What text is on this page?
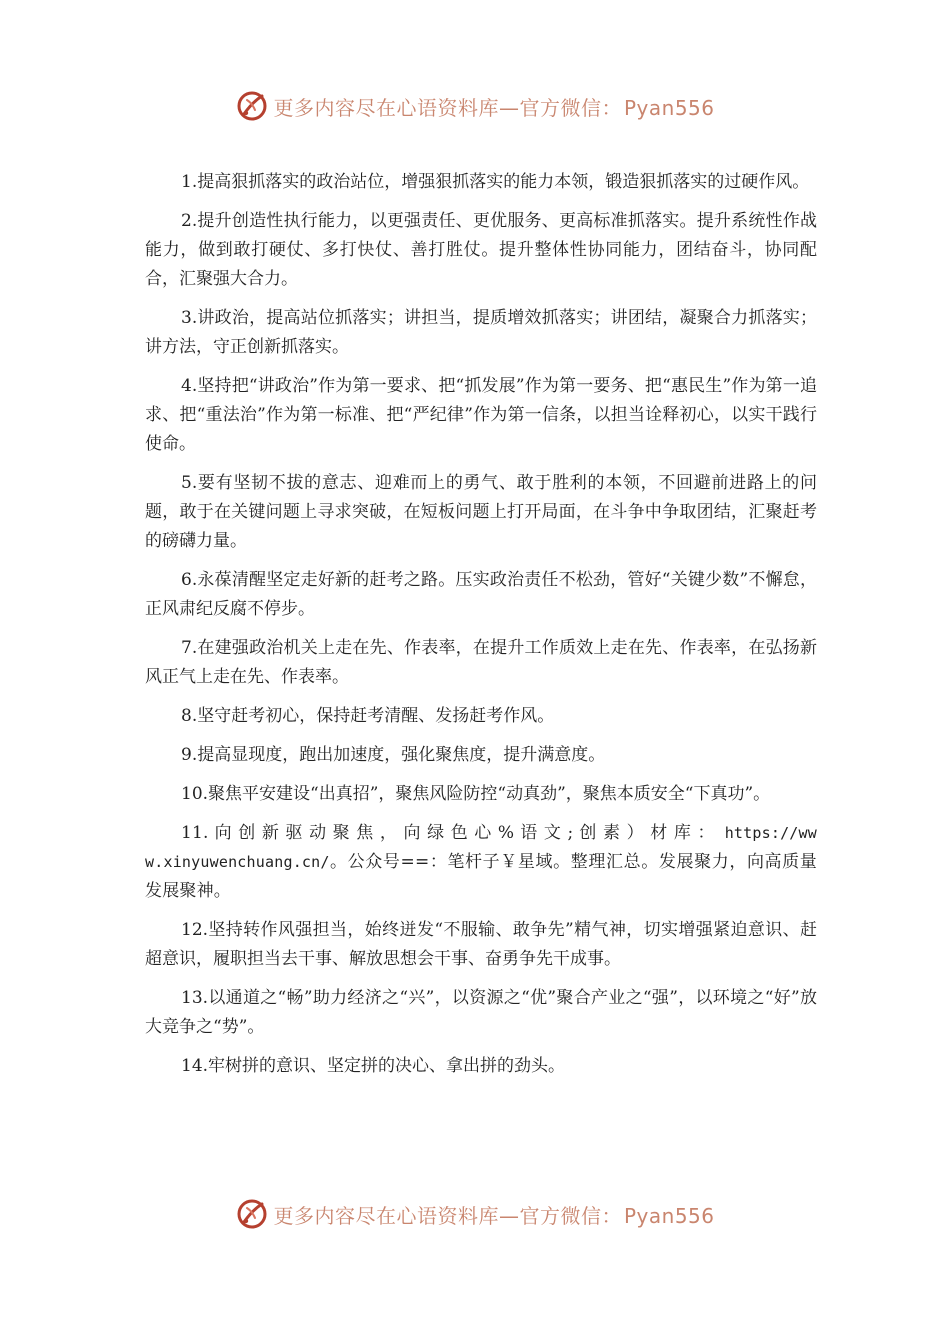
更多内容尽在心语资料库—官方微信： Pyan556

1.提高狠抓落实的政治站位，增强狠抓落实的能力本领，锻造狠抓落实的过硬作风。

2.提升创造性执行能力，以更强责任、更优服务、更高标准抓落实。提升系统性作战能力，做到敢打硬仗、多打快仗、善打胜仗。提升整体性协同能力，团结奋斗，协同配合，汇聚强大合力。

3.讲政治，提高站位抓落实；讲担当，提质增效抓落实；讲团结，凝聚合力抓落实；讲方法，守正创新抓落实。

4.坚持把“讲政治”作为第一要求、把“抓发展”作为第一要务、把“惠民生”作为第一追求、把“重法治”作为第一标准、把“严纪律”作为第一信条，以担当诠释初心，以实干践行使命。

5.要有坚韧不拔的意志、迎难而上的勇气、敢于胜利的本领，不回避前进路上的问题，敢于在关键问题上寻求突破，在短板问题上打开局面，在斗争中争取团结，汇聚赶考的磅礴力量。

6.永葆清醒坚定走好新的赶考之路。压实政治责任不松劲，管好“关键少数”不懈怠，正风肃纪反腐不停步。

7.在建强政治机关上走在先、作表率，在提升工作质效上走在先、作表率，在弘扬新风正气上走在先、作表率。

8.坚守赶考初心，保持赶考清醒、发扬赶考作风。

9.提高显现度，跑出加速度，强化聚焦度，提升满意度。

10.聚焦平安建设“出真招”，聚焦风险防控“动真劲”，聚焦本质安全“下真功”。

11. 向 创 新 驱 动 聚 焦 ， 向 绿 色 心 % 语 文 ; 创 素 ） 材 库 ： https://www.xinyuwenchuang.cn/。公众号==：笔杆子￥星域。整理汇总。发展聚力，向高质量发展聚神。

12.坚持转作风强担当，始终迸发“不服输、敢争先”精气神，切实增强紧迫意识、赶超意识，履职担当去干事、解放思想会干事、奋勇争先干成事。

13.以通道之“畅”助力经济之“兴”，以资源之“优”聚合产业之“强”，以环境之“好”放大竞争之“势”。

14.牢树拼的意识、坚定拼的决心、拿出拼的劲头。

更多内容尽在心语资料库—官方微信： Pyan556
